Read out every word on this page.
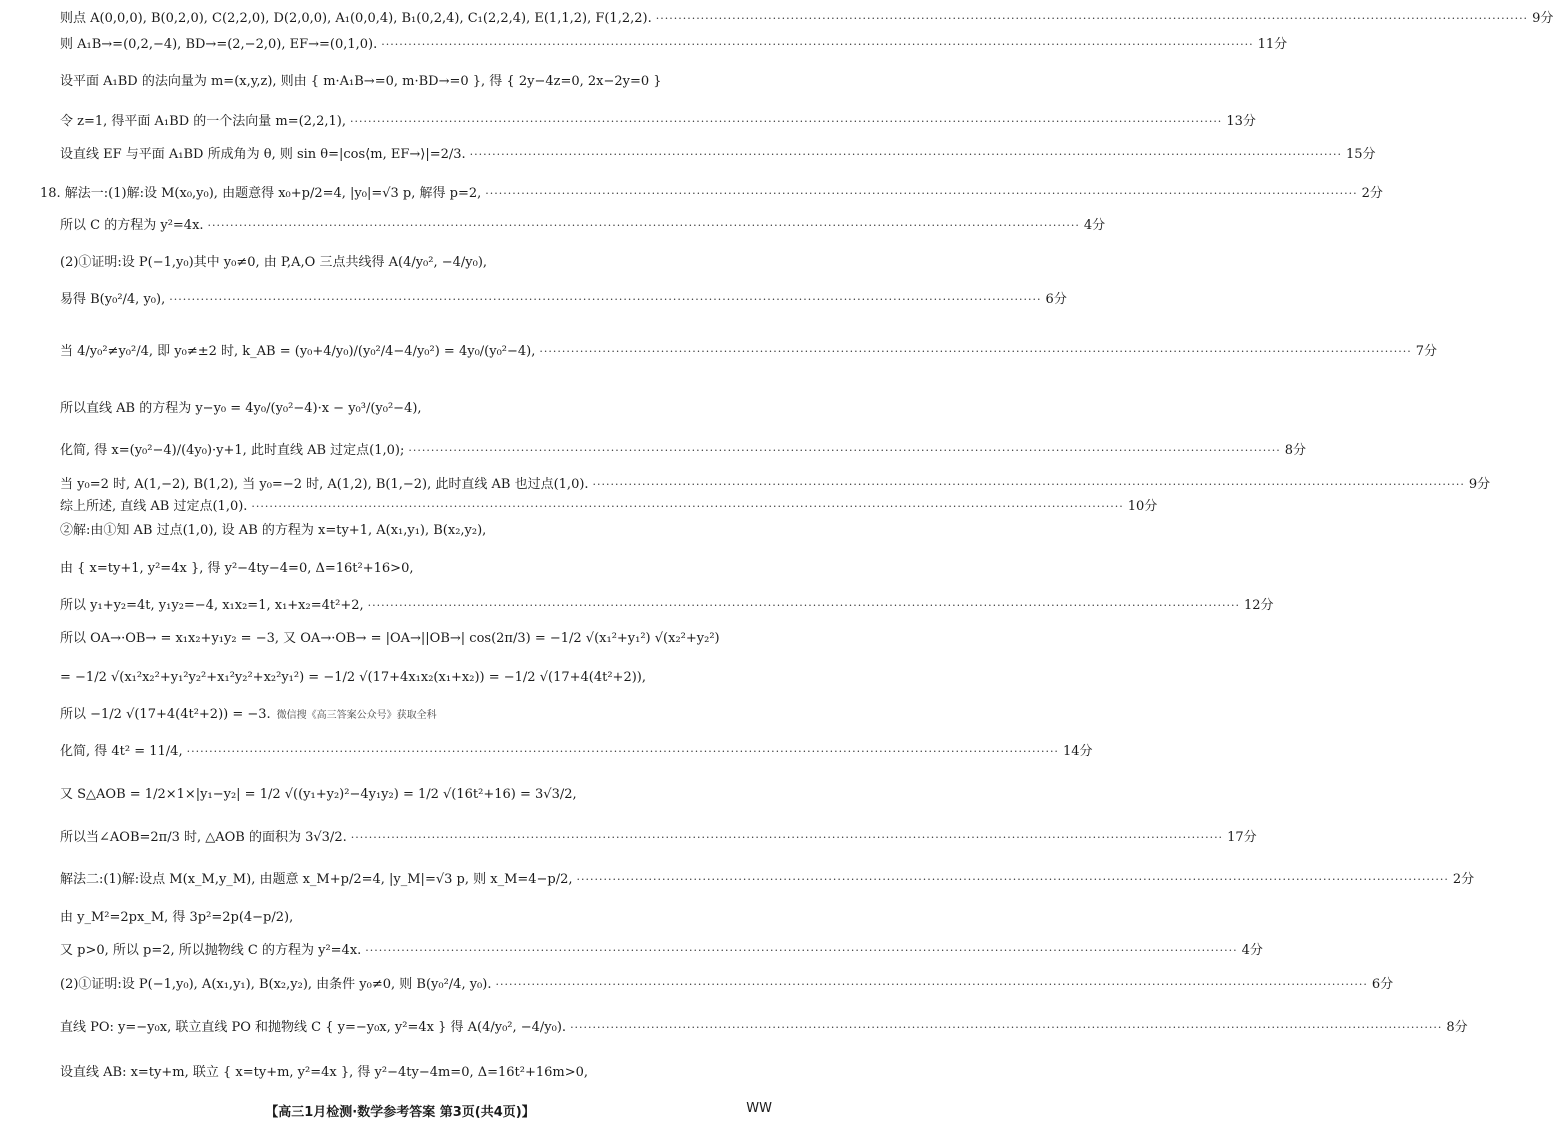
则点 A(0,0,0), B(0,2,0), C(2,2,0), D(2,0,0), A₁(0,0,4), B₁(0,2,4), C₁(2,2,4), E(1,1,2), F(1,2,2). ·····	9分
则 A₁B→=(0,2,−4), BD→=(2,−2,0), EF→=(0,1,0). ·····	11分
设平面 A₁BD 的法向量为 m=(x,y,z), 则由 { m·A₁B→=0, m·BD→=0 }, 得 { 2y−4z=0, 2x−2y=0 }
令 z=1, 得平面 A₁BD 的一个法向量 m=(2,2,1), ·····	13分
设直线 EF 与平面 A₁BD 所成角为 θ, 则 sin θ=|cos⟨m, EF→⟩|=2/3. ·····	15分
18. 解法一:(1)解:设 M(x₀,y₀), 由题意得 x₀+p/2=4, |y₀|=√3 p, 解得 p=2, ·····	2分
所以 C 的方程为 y²=4x. ·····	4分
(2)①证明:设 P(−1,y₀)其中 y₀≠0, 由 P,A,O 三点共线得 A(4/y₀², −4/y₀),
易得 B(y₀²/4, y₀), ·····	6分
当 4/y₀²≠y₀²/4, 即 y₀≠±2 时, k_AB = (y₀+4/y₀)/(y₀²/4−4/y₀²) = 4y₀/(y₀²−4), ·····	7分
所以直线 AB 的方程为 y−y₀ = 4y₀/(y₀²−4)·x − y₀³/(y₀²−4),
化简, 得 x=(y₀²−4)/(4y₀)·y+1, 此时直线 AB 过定点(1,0); ·····	8分
当 y₀=2 时, A(1,−2), B(1,2), 当 y₀=−2 时, A(1,2), B(1,−2), 此时直线 AB 也过点(1,0). ·····	9分
综上所述, 直线 AB 过定点(1,0). ·····	10分
②解:由①知 AB 过点(1,0), 设 AB 的方程为 x=ty+1, A(x₁,y₁), B(x₂,y₂),
由 { x=ty+1, y²=4x }, 得 y²−4ty−4=0, Δ=16t²+16>0,
所以 y₁+y₂=4t, y₁y₂=−4, x₁x₂=1, x₁+x₂=4t²+2, ·····	12分
所以 OA→·OB→ = x₁x₂+y₁y₂ = −3, 又 OA→·OB→ = |OA→||OB→| cos(2π/3) = −1/2 √(x₁²+y₁²) √(x₂²+y₂²)
= −1/2 √(x₁²x₂²+y₁²y₂²+x₁²y₂²+x₂²y₁²) = −1/2 √(17+4x₁x₂(x₁+x₂)) = −1/2 √(17+4(4t²+2)),
所以 −1/2 √(17+4(4t²+2)) = −3. 微信搜《高三答案公众号》获取全科
化简, 得 4t² = 11/4, ·····	14分
又 S△AOB = 1/2×1×|y₁−y₂| = 1/2 √((y₁+y₂)²−4y₁y₂) = 1/2 √(16t²+16) = 3√3/2,
所以当∠AOB=2π/3 时, △AOB 的面积为 3√3/2. ·····	17分
解法二:(1)解:设点 M(x_M,y_M), 由题意 x_M+p/2=4, |y_M|=√3 p, 则 x_M=4−p/2, ·····	2分
由 y_M²=2px_M, 得 3p²=2p(4−p/2),
又 p>0, 所以 p=2, 所以抛物线 C 的方程为 y²=4x. ·····	4分
(2)①证明:设 P(−1,y₀), A(x₁,y₁), B(x₂,y₂), 由条件 y₀≠0, 则 B(y₀²/4, y₀). ·····	6分
直线 PO: y=−y₀x, 联立直线 PO 和抛物线 C { y=−y₀x, y²=4x } 得 A(4/y₀², −4/y₀). ·····	8分
设直线 AB: x=ty+m, 联立 { x=ty+m, y²=4x }, 得 y²−4ty−4m=0, Δ=16t²+16m>0,
【高三1月检测·数学参考答案 第3页(共4页)】	WW
